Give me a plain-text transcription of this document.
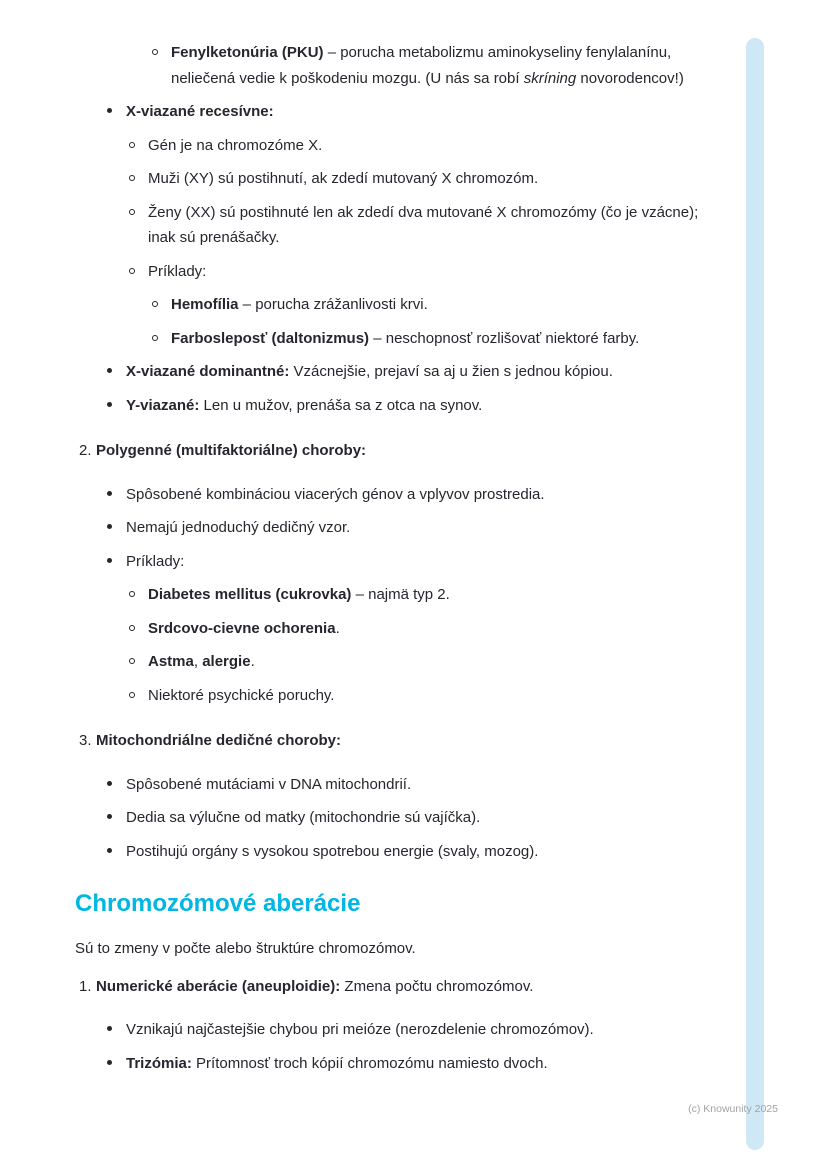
Fenylketonúria (PKU) – porucha metabolizmu aminokyseliny fenylalanínu, neliečená vedie k poškodeniu mozgu. (U nás sa robí skríning novorodencov!)
X-viazané recesívne:
Gén je na chromozóme X.
Muži (XY) sú postihnutí, ak zdedí mutovaný X chromozóm.
Ženy (XX) sú postihnuté len ak zdedí dva mutované X chromozómy (čo je vzácne); inak sú prenášačky.
Príklady:
Hemofília – porucha zrážanlivosti krvi.
Farbosleposť (daltonizmus) – neschopnosť rozlišovať niektoré farby.
X-viazané dominantné: Vzácnejšie, prejaví sa aj u žien s jednou kópiou.
Y-viazané: Len u mužov, prenáša sa z otca na synov.
2. Polygenné (multifaktoriálne) choroby:
Spôsobené kombináciou viacerých génov a vplyvov prostredia.
Nemajú jednoduchý dedičný vzor.
Príklady:
Diabetes mellitus (cukrovka) – najmä typ 2.
Srdcovo-cievne ochorenia.
Astma, alergie.
Niektoré psychické poruchy.
3. Mitochondriálne dedičné choroby:
Spôsobené mutáciami v DNA mitochondrií.
Dedia sa výlučne od matky (mitochondrie sú vajíčka).
Postihujú orgány s vysokou spotrebou energie (svaly, mozog).
Chromozómové aberácie

Sú to zmeny v počte alebo štruktúre chromozómov.

1. Numerické aberácie (aneuploidie): Zmena počtu chromozómov.
Vznikajú najčastejšie chybou pri meióze (nerozdelenie chromozómov).
Trizómia: Prítomnosť troch kópií chromozómu namiesto dvoch.
(c) Knowunity 2025
